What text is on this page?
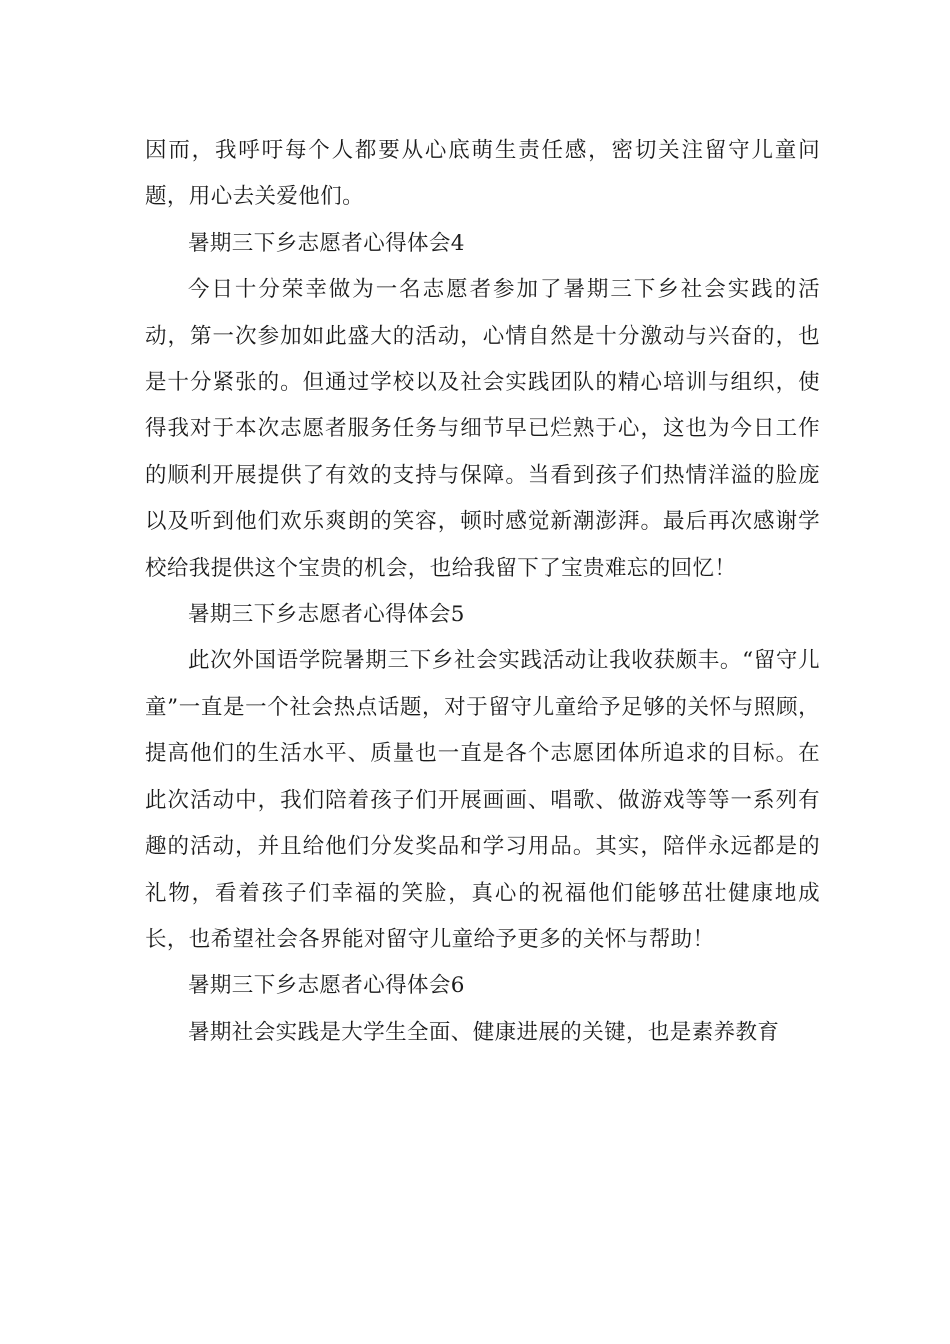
因而，我呼吁每个人都要从心底萌生责任感，密切关注留守儿童问题，用心去关爱他们。

暑期三下乡志愿者心得体会4

今日十分荣幸做为一名志愿者参加了暑期三下乡社会实践的活动，第一次参加如此盛大的活动，心情自然是十分激动与兴奋的，也是十分紧张的。但通过学校以及社会实践团队的精心培训与组织，使得我对于本次志愿者服务任务与细节早已烂熟于心，这也为今日工作的顺利开展提供了有效的支持与保障。当看到孩子们热情洋溢的脸庞以及听到他们欢乐爽朗的笑容，顿时感觉新潮澎湃。最后再次感谢学校给我提供这个宝贵的机会，也给我留下了宝贵难忘的回忆！

暑期三下乡志愿者心得体会5

此次外国语学院暑期三下乡社会实践活动让我收获颇丰。“留守儿童”一直是一个社会热点话题，对于留守儿童给予足够的关怀与照顾，提高他们的生活水平、质量也一直是各个志愿团体所追求的目标。在此次活动中，我们陪着孩子们开展画画、唱歌、做游戏等等一系列有趣的活动，并且给他们分发奖品和学习用品。其实，陪伴永远都是的礼物，看着孩子们幸福的笑脸，真心的祝福他们能够茁壮健康地成长，也希望社会各界能对留守儿童给予更多的关怀与帮助！

暑期三下乡志愿者心得体会6

暑期社会实践是大学生全面、健康进展的关键，也是素养教育
